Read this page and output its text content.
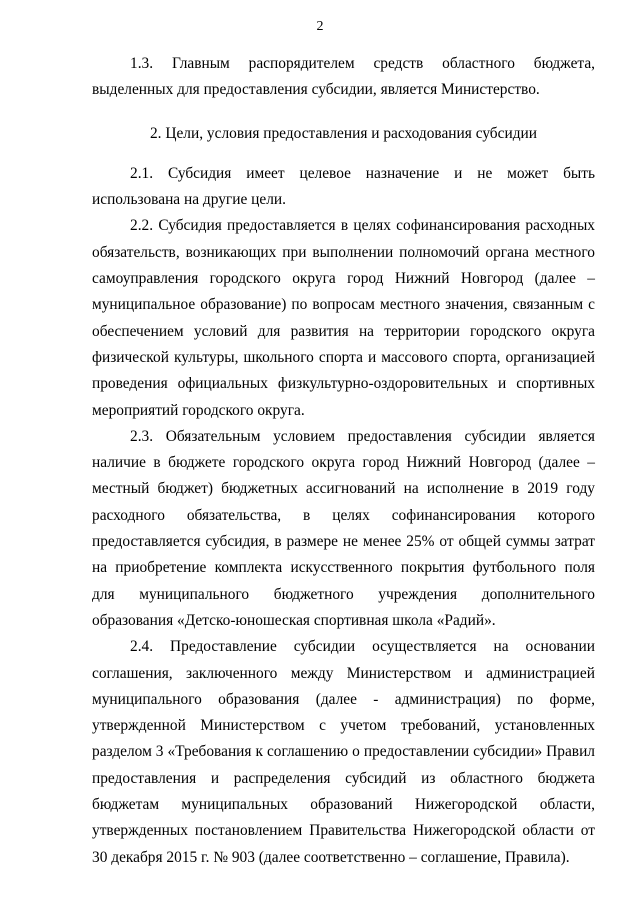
2

1.3. Главным распорядителем средств областного бюджета, выделенных для предоставления субсидии, является Министерство.

2. Цели, условия предоставления и расходования субсидии

2.1. Субсидия имеет целевое назначение и не может быть использована на другие цели.

2.2. Субсидия предоставляется в целях софинансирования расходных обязательств, возникающих при выполнении полномочий органа местного самоуправления городского округа город Нижний Новгород (далее – муниципальное образование) по вопросам местного значения, связанным с обеспечением условий для развития на территории городского округа физической культуры, школьного спорта и массового спорта, организацией проведения официальных физкультурно-оздоровительных и спортивных мероприятий городского округа.

2.3. Обязательным условием предоставления субсидии является наличие в бюджете городского округа город Нижний Новгород (далее – местный бюджет) бюджетных ассигнований на исполнение в 2019 году расходного обязательства, в целях софинансирования которого предоставляется субсидия, в размере не менее 25% от общей суммы затрат на приобретение комплекта искусственного покрытия футбольного поля для муниципального бюджетного учреждения дополнительного образования «Детско-юношеская спортивная школа «Радий».

2.4. Предоставление субсидии осуществляется на основании соглашения, заключенного между Министерством и администрацией муниципального образования (далее - администрация) по форме, утвержденной Министерством с учетом требований, установленных разделом 3 «Требования к соглашению о предоставлении субсидии» Правил предоставления и распределения субсидий из областного бюджета бюджетам муниципальных образований Нижегородской области, утвержденных постановлением Правительства Нижегородской области от 30 декабря 2015 г. № 903 (далее соответственно – соглашение, Правила).
